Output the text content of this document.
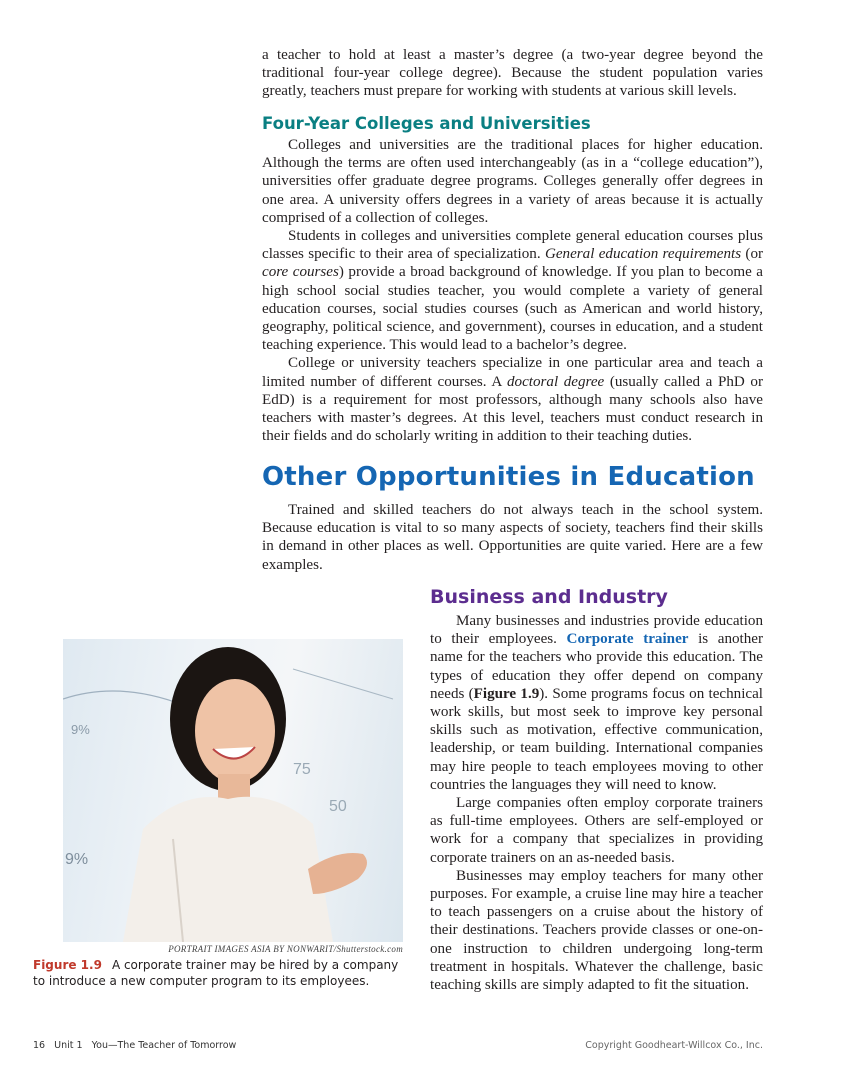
a teacher to hold at least a master’s degree (a two-year degree beyond the traditional four-year college degree). Because the student population varies greatly, teachers must prepare for working with students at various skill levels.

Four-Year Colleges and Universities

Colleges and universities are the traditional places for higher education. Although the terms are often used interchangeably (as in a “college education”), universities offer graduate degree programs. Colleges generally offer degrees in one area. A university offers degrees in a variety of areas because it is actually comprised of a collection of colleges.

Students in colleges and universities complete general education courses plus classes specific to their area of specialization. General education requirements (or core courses) provide a broad background of knowledge. If you plan to become a high school social studies teacher, you would complete a variety of general education courses, social studies courses (such as American and world history, geography, political science, and government), courses in education, and a student teaching experience. This would lead to a bachelor’s degree.

College or university teachers specialize in one particular area and teach a limited number of different courses. A doctoral degree (usually called a PhD or EdD) is a requirement for most professors, although many schools also have teachers with master’s degrees. At this level, teachers must conduct research in their fields and do scholarly writing in addition to their teaching duties.

Other Opportunities in Education

Trained and skilled teachers do not always teach in the school system. Because education is vital to so many aspects of society, teachers find their skills in demand in other places as well. Opportunities are quite varied. Here are a few examples.

Business and Industry

Many businesses and industries provide education to their employees. Corporate trainer is another name for the teachers who provide this education. The types of education they offer depend on company needs (Figure 1.9). Some programs focus on technical work skills, but most seek to improve key personal skills such as motivation, effective communication, leadership, or team building. International companies may hire people to teach employees moving to other countries the languages they will need to know.

Large companies often employ corporate trainers as full-time employees. Others are self-employed or work for a company that specializes in providing corporate trainers on an as-needed basis.

Businesses may employ teachers for many other purposes. For example, a cruise line may hire a teacher to teach passengers on a cruise about the history of their destinations. Teachers provide classes or one-on-one instruction to children undergoing long-term treatment in hospitals. Whatever the challenge, basic teaching skills are simply adapted to fit the situation.

9%
75
50
9%
PORTRAIT IMAGES ASIA BY NONWARIT/Shutterstock.com
Figure 1.9 A corporate trainer may be hired by a company to introduce a new computer program to its employees.
16 Unit 1 You—The Teacher of Tomorrow	Copyright Goodheart-Willcox Co., Inc.
